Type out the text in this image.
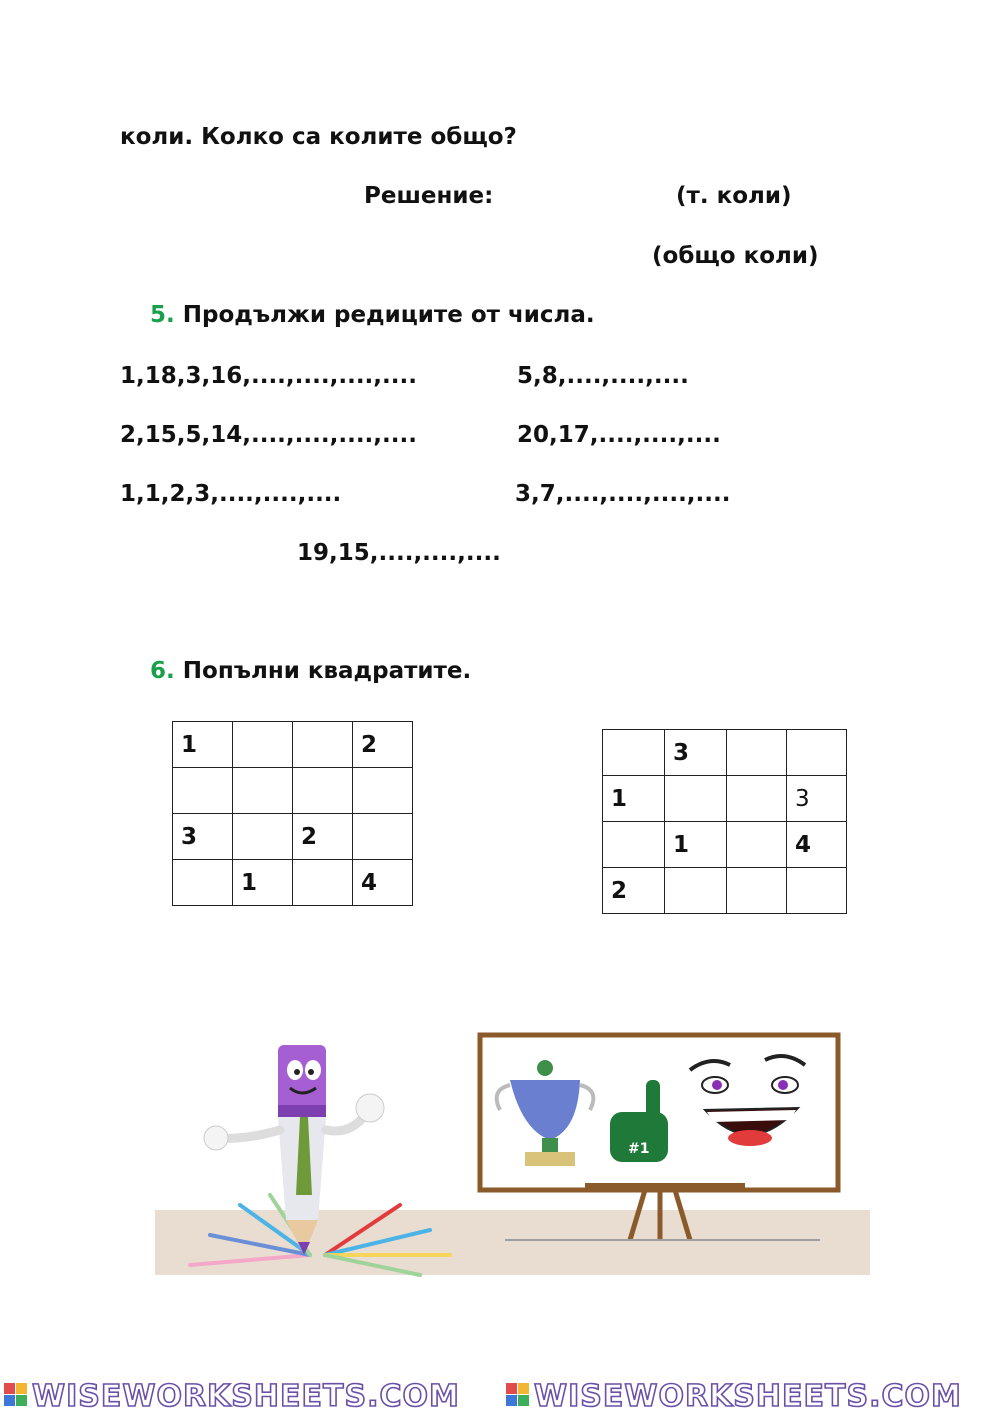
коли. Колко са колите общо?
Решение:	(т. коли)
(общо коли)
5. Продължи редиците от числа.
1,18,3,16,....,....,....,....	5,8,....,....,....
2,15,5,14,....,....,....,....	20,17,....,....,....
1,1,2,3,....,....,....	3,7,....,....,....,....
19,15,....,....,....
6. Попълни квадратите.
1			2

3		2	
	1		4
	3		
1			3
	1		4
2			
#1
WISEWORKSHEETS.COM WISEWORKSHEETS.COM
